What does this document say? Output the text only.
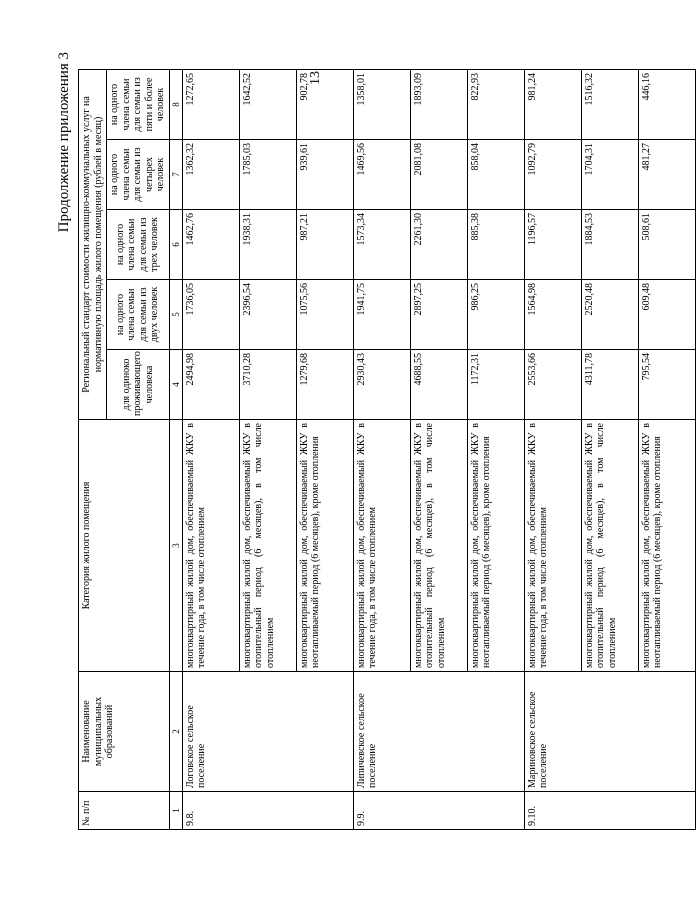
13
Продолжение приложения 3
№ п/п	Наименование муниципальных образований	Категория жилого помещения	Региональный стандарт стоимости жилищно-коммунальных услуг на нормативную площадь жилого помещения (рублей в месяц)				
			для одиноко проживающего человека	на одного члена семьи для семьи из двух человек	на одного члена семьи для семьи из трех человек	на одного члена семьи для семьи из четырех человек	на одного члена семьи для семьи из пяти и более человек
1	2	3	4	5	6	7	8
9.8.	Логовское сельское поселение	многоквартирный жилой дом, обеспечиваемый ЖКУ в течение года, в том числе отоплением	2494,98	1736,05	1462,76	1362,32	1272,65
		многоквартирный жилой дом, обеспечиваемый ЖКУ в отопительный период (6 месяцев), в том числе отоплением	3710,28	2396,54	1938,31	1785,03	1642,52
		многоквартирный жилой дом, обеспечиваемый ЖКУ в неотапливаемый период (6 месяцев), кроме отопления	1279,68	1075,56	987,21	939,61	902,78
9.9.	Липичевское сельское поселение	многоквартирный жилой дом, обеспечиваемый ЖКУ в течение года, в том числе отоплением	2930,43	1941,75	1573,34	1469,56	1358,01
		многоквартирный жилой дом, обеспечиваемый ЖКУ в отопительный период (6 месяцев), в том числе отоплением	4688,55	2897,25	2261,30	2081,08	1893,09
		многоквартирный жилой дом, обеспечиваемый ЖКУ в неотапливаемый период (6 месяцев), кроме отопления	1172,31	986,25	885,38	858,04	822,93
9.10.	Мариновское сельское поселение	многоквартирный жилой дом, обеспечиваемый ЖКУ в течение года, в том числе отоплением	2553,66	1564,98	1196,57	1092,79	981,24
		многоквартирный жилой дом, обеспечиваемый ЖКУ в отопительный период (6 месяцев), в том числе отоплением	4311,78	2520,48	1884,53	1704,31	1516,32
		многоквартирный жилой дом, обеспечиваемый ЖКУ в неотапливаемый период (6 месяцев), кроме отопления	795,54	609,48	508,61	481,27	446,16
